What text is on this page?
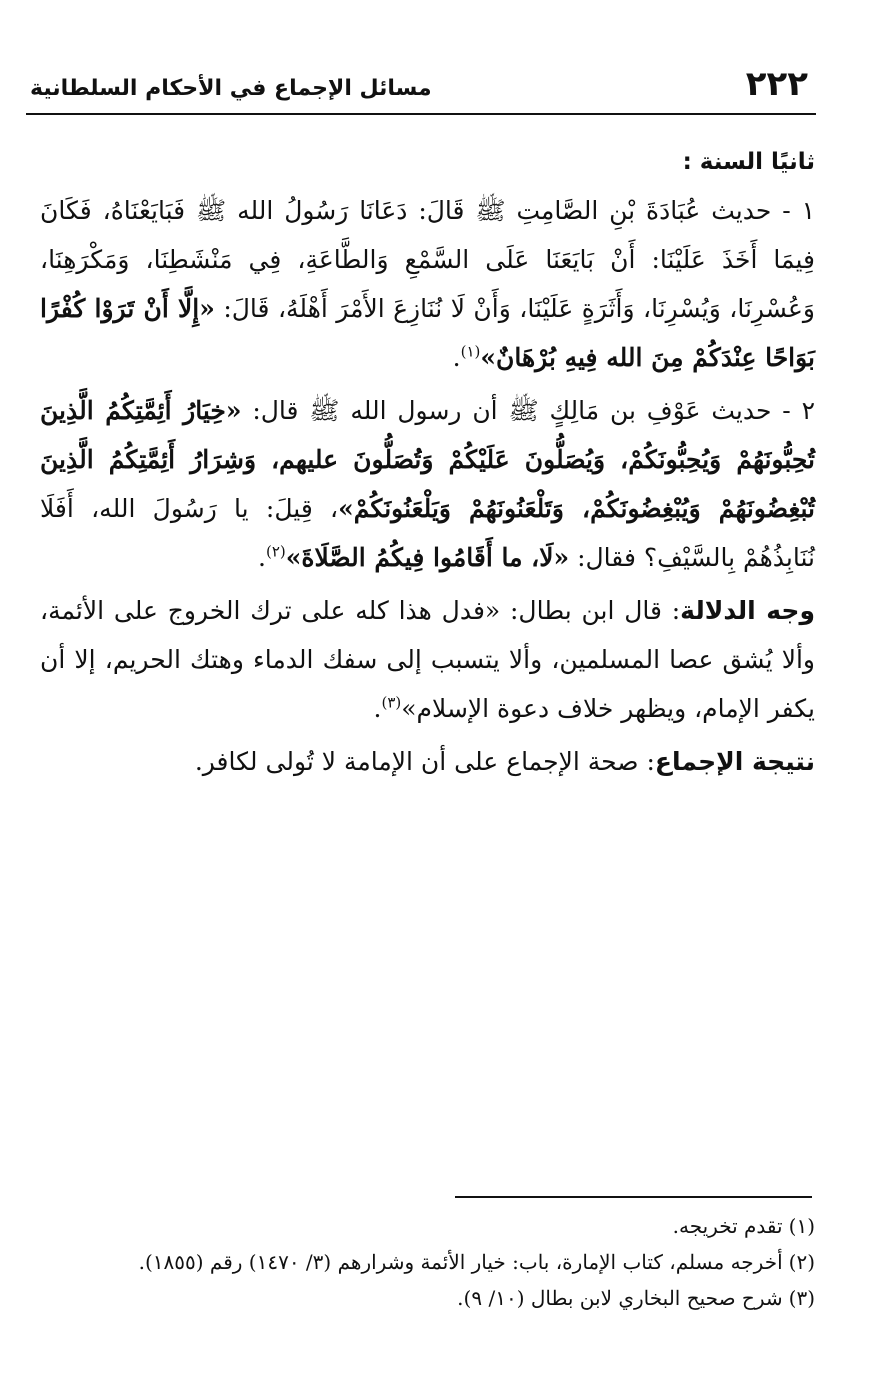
٢٢٢
مسائل الإجماع في الأحكام السلطانية

ثانيًا السنة :

١ - حديث عُبَادَةَ بْنِ الصَّامِتِ ﷺ قَالَ: دَعَانَا رَسُولُ الله ﷺ فَبَايَعْنَاهُ، فَكَانَ فِيمَا أَخَذَ عَلَيْنَا: أَنْ بَايَعَنَا عَلَى السَّمْعِ وَالطَّاعَةِ، فِي مَنْشَطِنَا، وَمَكْرَهِنَا، وَعُسْرِنَا، وَيُسْرِنَا، وَأَثَرَةٍ عَلَيْنَا، وَأَنْ لَا نُنَازِعَ الأَمْرَ أَهْلَهُ، قَالَ: «إِلَّا أَنْ تَرَوْا كُفْرًا بَوَاحًا عِنْدَكُمْ مِنَ الله فِيهِ بُرْهَانٌ»$^{(١)}$.

٢ - حديث عَوْفِ بن مَالِكٍ ﷺ أن رسول الله ﷺ قال: «خِيَارُ أَئِمَّتِكُمُ الَّذِينَ تُحِبُّونَهُمْ وَيُحِبُّونَكُمْ، وَيُصَلُّونَ عَلَيْكُمْ وَتُصَلُّونَ عليهم، وَشِرَارُ أَئِمَّتِكُمُ الَّذِينَ تُبْغِضُونَهُمْ وَيُبْغِضُونَكُمْ، وَتَلْعَنُونَهُمْ وَيَلْعَنُونَكُمْ»، قِيلَ: يا رَسُولَ الله، أَفَلَا نُنَابِذُهُمْ بِالسَّيْفِ؟ فقال: «لَا، ما أَقَامُوا فِيكُمُ الصَّلَاةَ»$^{(٢)}$.

وجه الدلالة: قال ابن بطال: «فدل هذا كله على ترك الخروج على الأئمة، وألا يُشق عصا المسلمين، وألا يتسبب إلى سفك الدماء وهتك الحريم، إلا أن يكفر الإمام، ويظهر خلاف دعوة الإسلام»$^{(٣)}$.

نتيجة الإجماع: صحة الإجماع على أن الإمامة لا تُولى لكافر.

(١)تقدم تخريجه.

(٢)أخرجه مسلم، كتاب الإمارة، باب: خيار الأئمة وشرارهم (٣/ ١٤٧٠) رقم (١٨٥٥).

(٣)شرح صحيح البخاري لابن بطال (١٠/ ٩).
